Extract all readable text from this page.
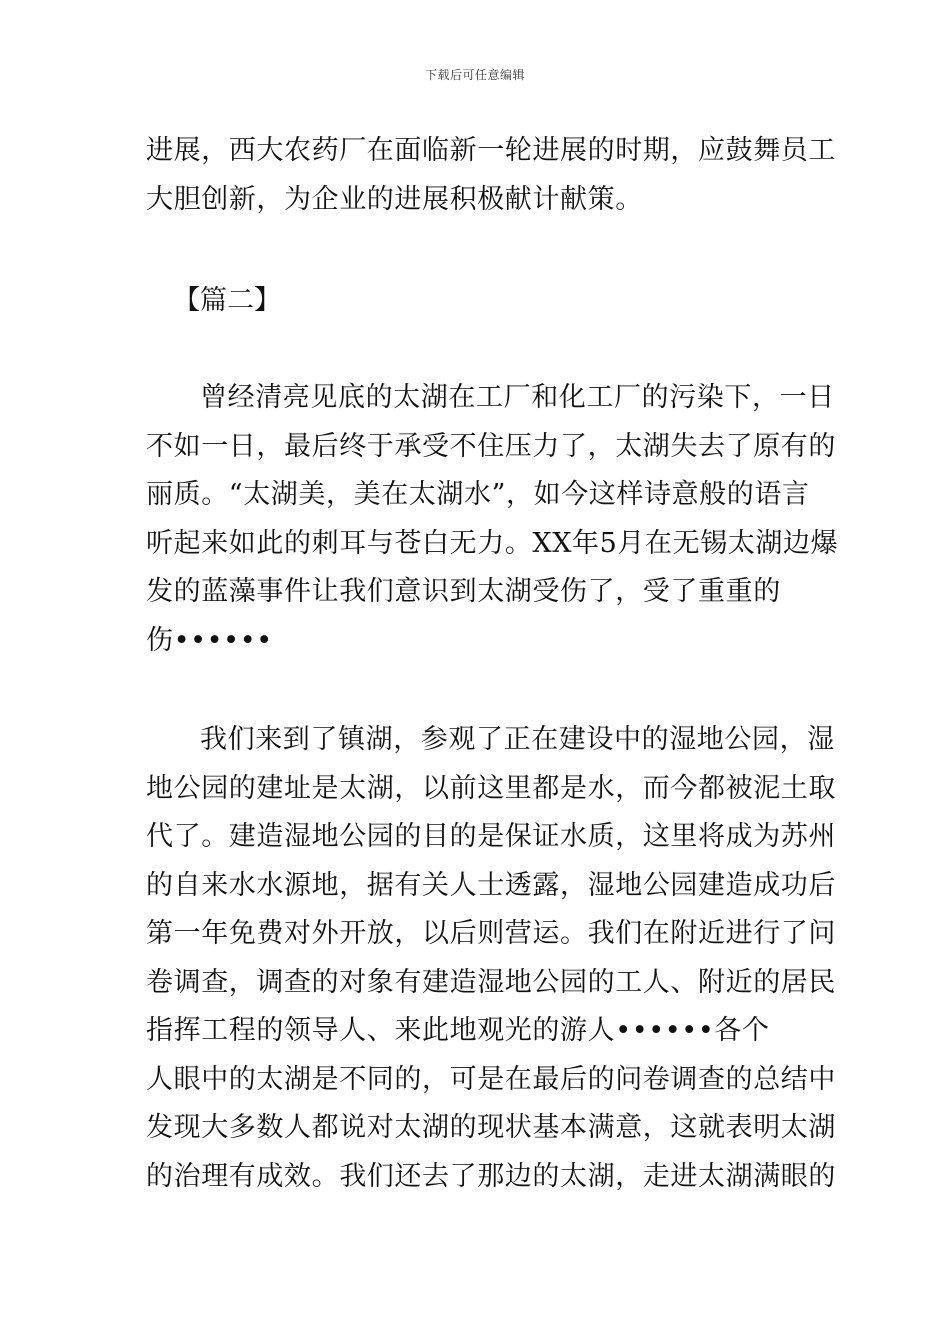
下载后可任意编辑
进展，西大农药厂在面临新一轮进展的时期，应鼓舞员工
大胆创新，为企业的进展积极献计献策。
【篇二】
曾经清亮见底的太湖在工厂和化工厂的污染下，一日
不如一日，最后终于承受不住压力了，太湖失去了原有的
丽质。“太湖美，美在太湖水”，如今这样诗意般的语言
听起来如此的刺耳与苍白无力。XX年5月在无锡太湖边爆
发的蓝藻事件让我们意识到太湖受伤了，受了重重的
伤••••••
我们来到了镇湖，参观了正在建设中的湿地公园，湿
地公园的建址是太湖，以前这里都是水，而今都被泥土取
代了。建造湿地公园的目的是保证水质，这里将成为苏州
的自来水水源地，据有关人士透露，湿地公园建造成功后
第一年免费对外开放，以后则营运。我们在附近进行了问
卷调查，调查的对象有建造湿地公园的工人、附近的居民
指挥工程的领导人、来此地观光的游人••••••各个
人眼中的太湖是不同的，可是在最后的问卷调查的总结中
发现大多数人都说对太湖的现状基本满意，这就表明太湖
的治理有成效。我们还去了那边的太湖，走进太湖满眼的
